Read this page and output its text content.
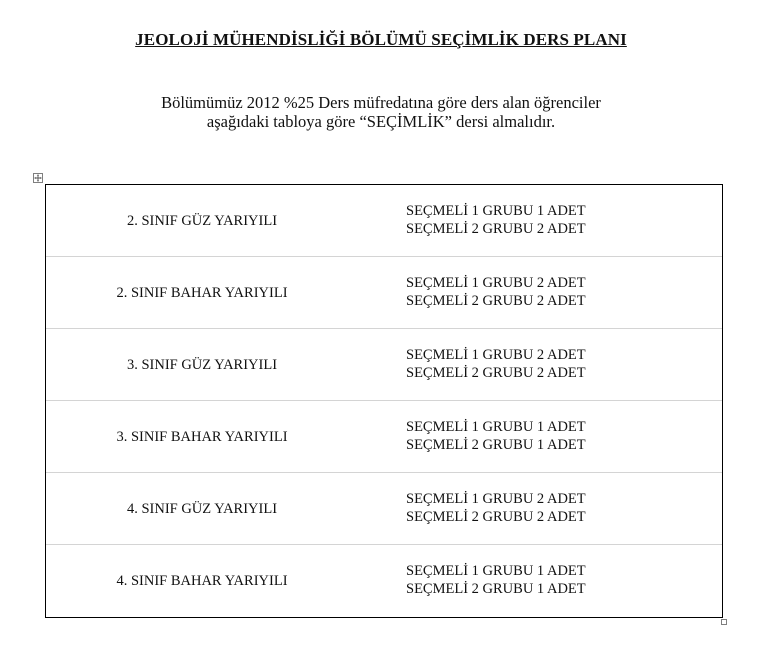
JEOLOJİ MÜHENDİSLİĞİ BÖLÜMÜ SEÇİMLİK DERS PLANI
Bölümümüz 2012 %25 Ders müfredatına göre ders alan öğrenciler
aşağıdaki tabloya göre “SEÇİMLİK” dersi almalıdır.
2. SINIF GÜZ YARIYILI
SEÇMELİ 1 GRUBU 1 ADET
SEÇMELİ 2 GRUBU 2 ADET
2. SINIF BAHAR YARIYILI
SEÇMELİ 1 GRUBU 2 ADET
SEÇMELİ 2 GRUBU 2 ADET
3. SINIF GÜZ YARIYILI
SEÇMELİ 1 GRUBU 2 ADET
SEÇMELİ 2 GRUBU 2 ADET
3. SINIF BAHAR YARIYILI
SEÇMELİ 1 GRUBU 1 ADET
SEÇMELİ 2 GRUBU 1 ADET
4. SINIF GÜZ YARIYILI
SEÇMELİ 1 GRUBU 2 ADET
SEÇMELİ 2 GRUBU 2 ADET
4. SINIF BAHAR YARIYILI
SEÇMELİ 1 GRUBU 1 ADET
SEÇMELİ 2 GRUBU 1 ADET
